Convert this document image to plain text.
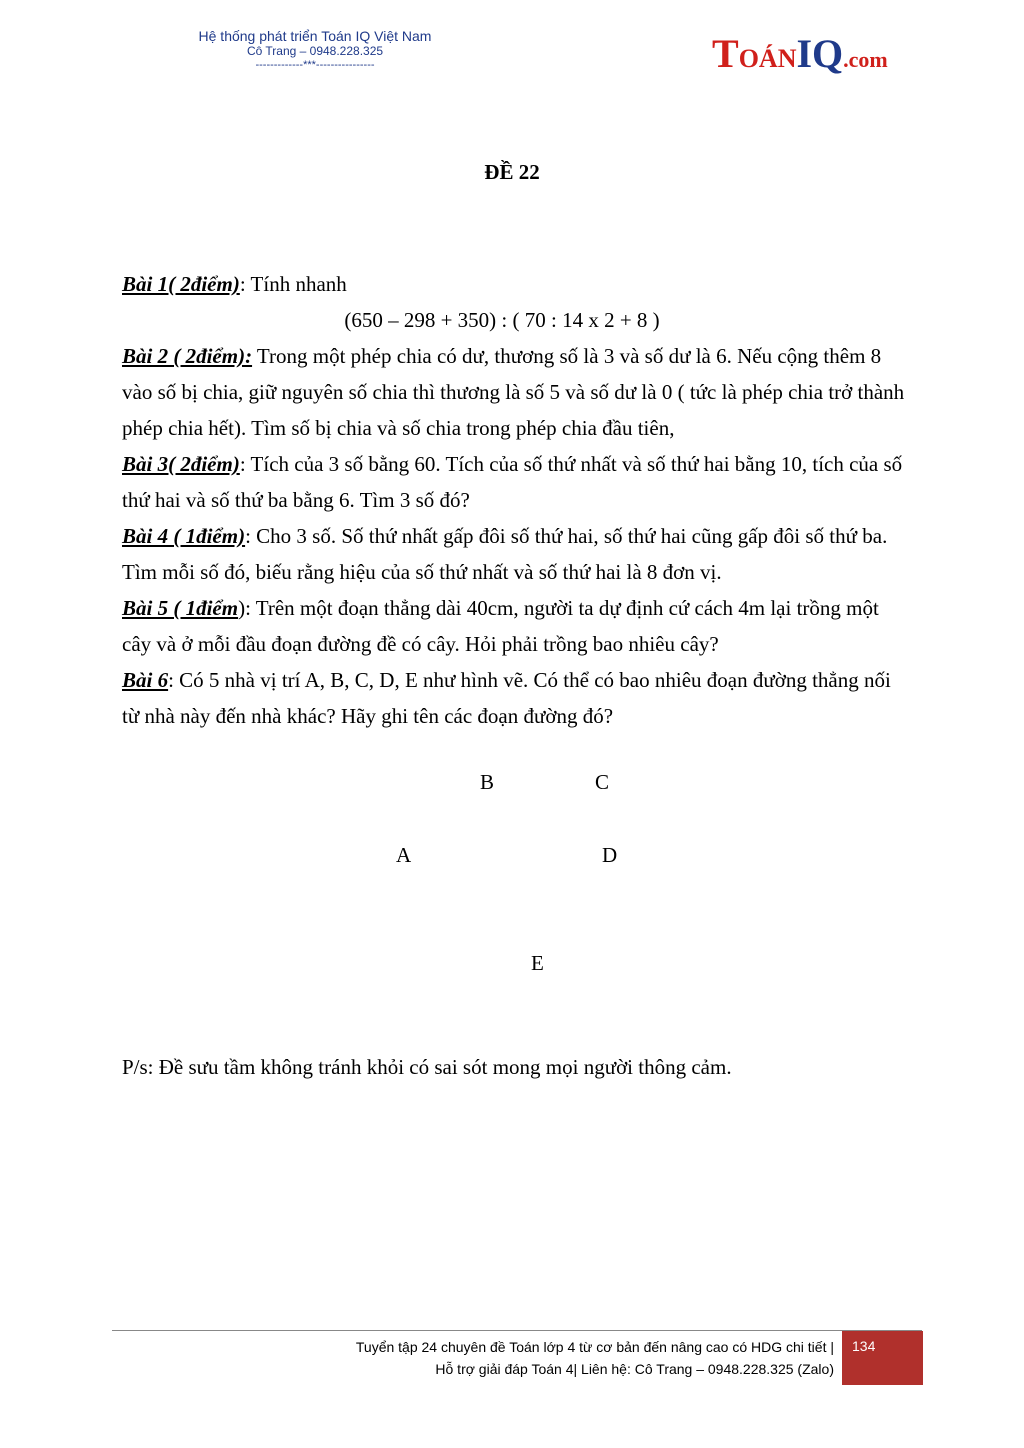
Hệ thống phát triển Toán IQ Việt Nam
Cô Trang – 0948.228.325
-------------***----------------	TOÁNIQ.com
ĐỀ 22

Bài 1( 2điểm): Tính nhanh

(650 – 298 + 350) : ( 70 : 14 x 2 + 8 )

Bài 2 ( 2điểm): Trong một phép chia có dư, thương số là 3 và số dư là 6. Nếu cộng thêm 8 vào số bị chia, giữ nguyên số chia thì thương là số 5 và số dư là 0 ( tức là phép chia trở thành phép chia hết). Tìm số bị chia và số chia trong phép chia đầu tiên,

Bài 3( 2điểm): Tích của 3 số bằng 60. Tích của số thứ nhất và số thứ hai bằng 10, tích của số thứ hai và số thứ ba bằng 6. Tìm 3 số đó?

Bài 4 ( 1điểm): Cho 3 số. Số thứ nhất gấp đôi số thứ hai, số thứ hai cũng gấp đôi số thứ ba. Tìm mỗi số đó, biếu rằng hiệu của số thứ nhất và số thứ hai là 8 đơn vị.

Bài 5 ( 1điểm): Trên một đoạn thẳng dài 40cm, người ta dự định cứ cách 4m lại trồng một cây và ở mỗi đầu đoạn đường đề có cây. Hỏi phải trồng bao nhiêu cây?

Bài 6: Có 5 nhà vị trí A, B, C, D, E như hình vẽ. Có thể có bao nhiêu đoạn đường thẳng nối từ nhà này đến nhà khác? Hãy ghi tên các đoạn đường đó?

B	C
A	D
E
P/s: Đề sưu tầm không tránh khỏi có sai sót mong mọi người thông cảm.
Tuyển tập 24 chuyên đề Toán lớp 4 từ cơ bản đến nâng cao có HDG chi tiết |
Hỗ trợ giải đáp Toán 4| Liên hệ: Cô Trang – 0948.228.325 (Zalo)
134
